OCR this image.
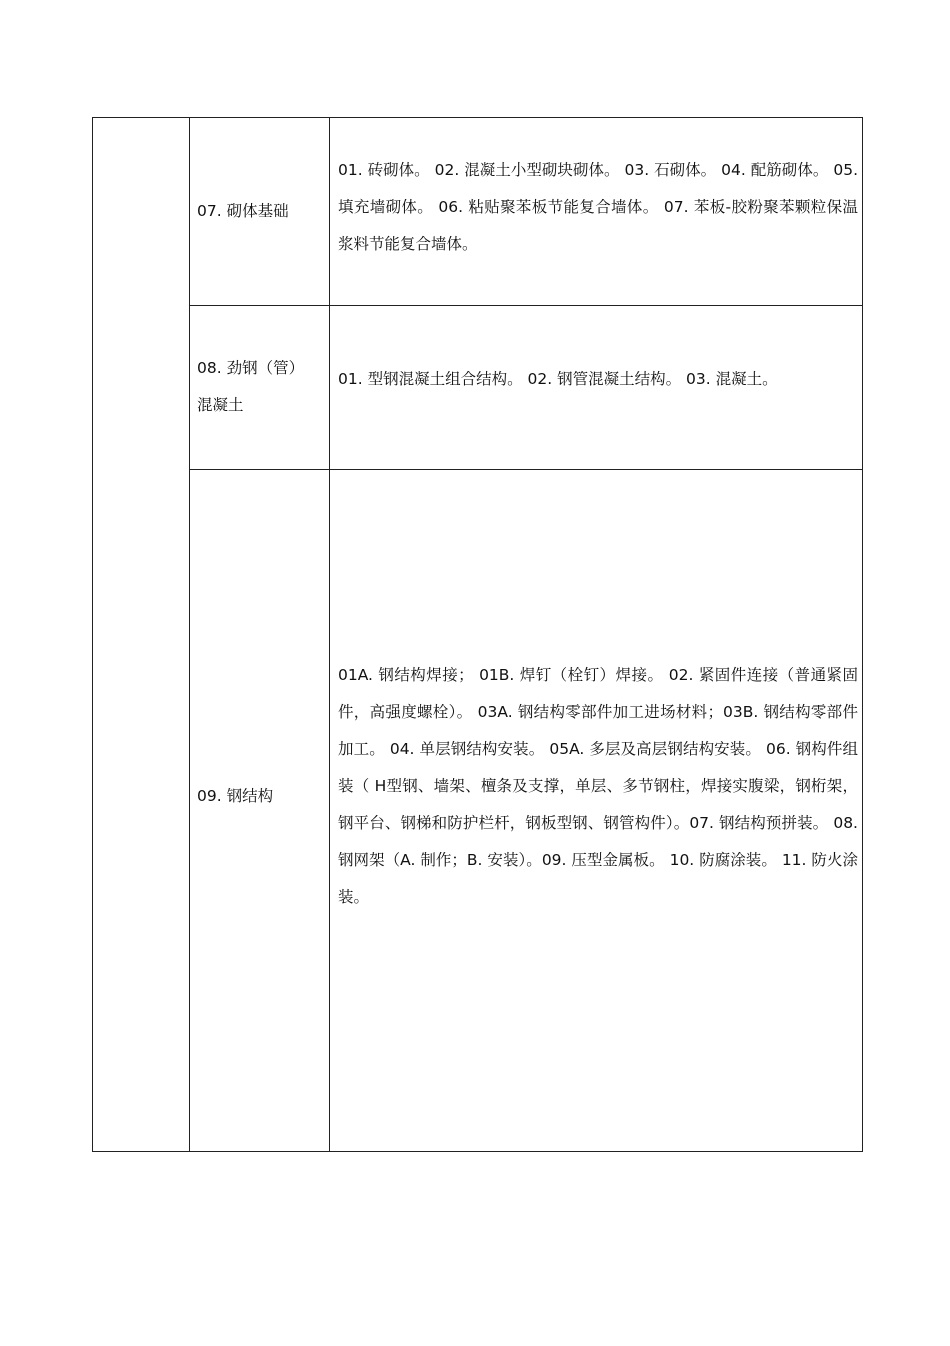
07. 砌体基础
01. 砖砌体。 02. 混凝土小型砌块砌体。 03. 石砌体。 04. 配筋砌体。 05. 填充墙砌体。 06. 粘贴聚苯板节能复合墙体。 07. 苯板-胶粉聚苯颗粒保温浆料节能复合墙体。
08. 劲钢（管）混凝土
01. 型钢混凝土组合结构。 02. 钢管混凝土结构。 03. 混凝土。
09. 钢结构
01A. 钢结构焊接； 01B. 焊钉（栓钉）焊接。 02. 紧固件连接（普通紧固件，高强度螺栓）。 03A. 钢结构零部件加工进场材料；03B. 钢结构零部件加工。 04. 单层钢结构安装。 05A. 多层及高层钢结构安装。 06. 钢构件组装（ H型钢、墙架、檀条及支撑，单层、多节钢柱，焊接实腹梁，钢桁架，钢平台、钢梯和防护栏杆，钢板型钢、钢管构件）。07. 钢结构预拼装。 08. 钢网架（A. 制作；B. 安装）。09. 压型金属板。 10. 防腐涂装。 11. 防火涂装。
